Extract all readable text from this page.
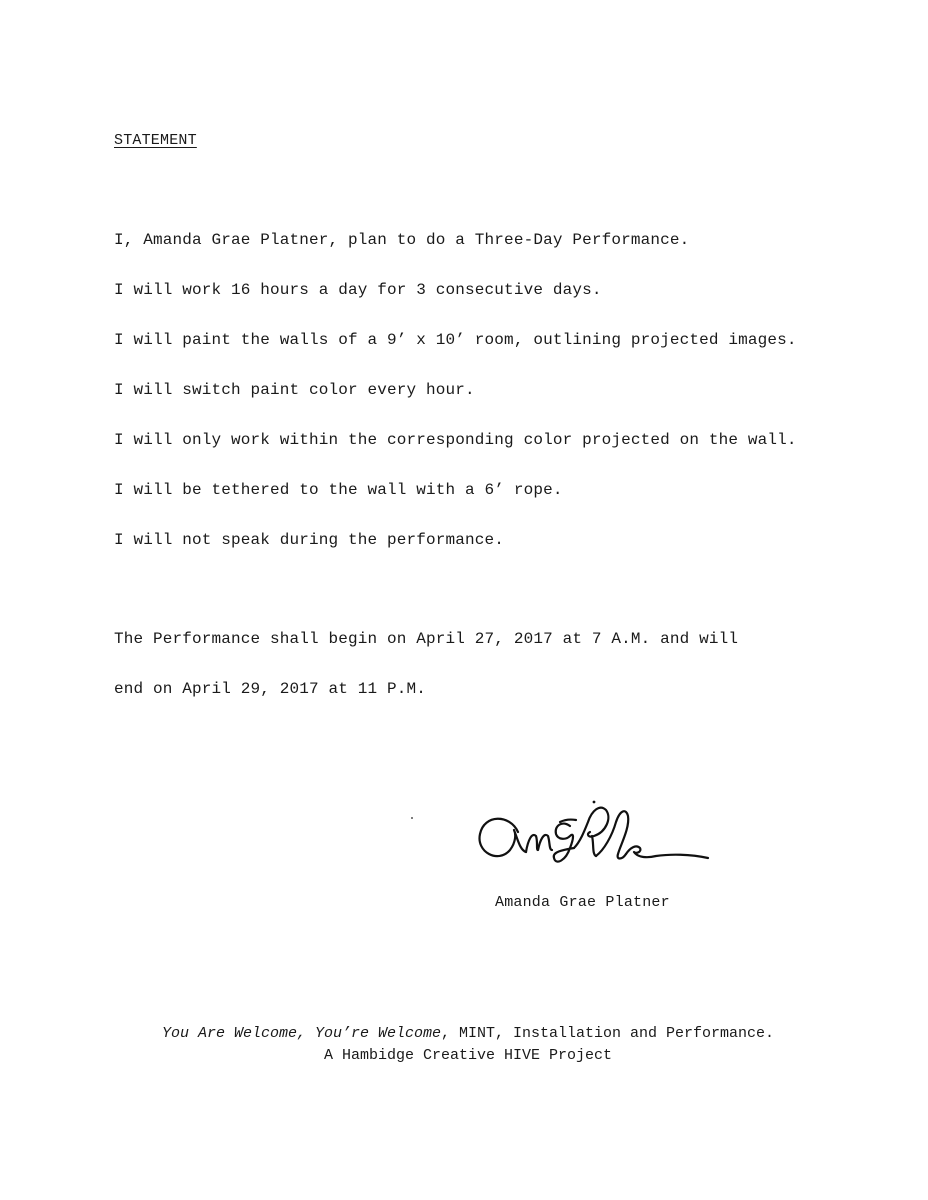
STATEMENT
I, Amanda Grae Platner, plan to do a Three-Day Performance.
I will work 16 hours a day for 3 consecutive days.
I will paint the walls of a 9’ x 10’ room, outlining projected images.
I will switch paint color every hour.
I will only work within the corresponding color projected on the wall.
I will be tethered to the wall with a 6’ rope.
I will not speak during the performance.
The Performance shall begin on April 27, 2017 at 7 A.M. and will
end on April 29, 2017 at 11 P.M.
Amanda Grae Platner
You Are Welcome, You’re Welcome, MINT, Installation and Performance.
A Hambidge Creative HIVE Project
